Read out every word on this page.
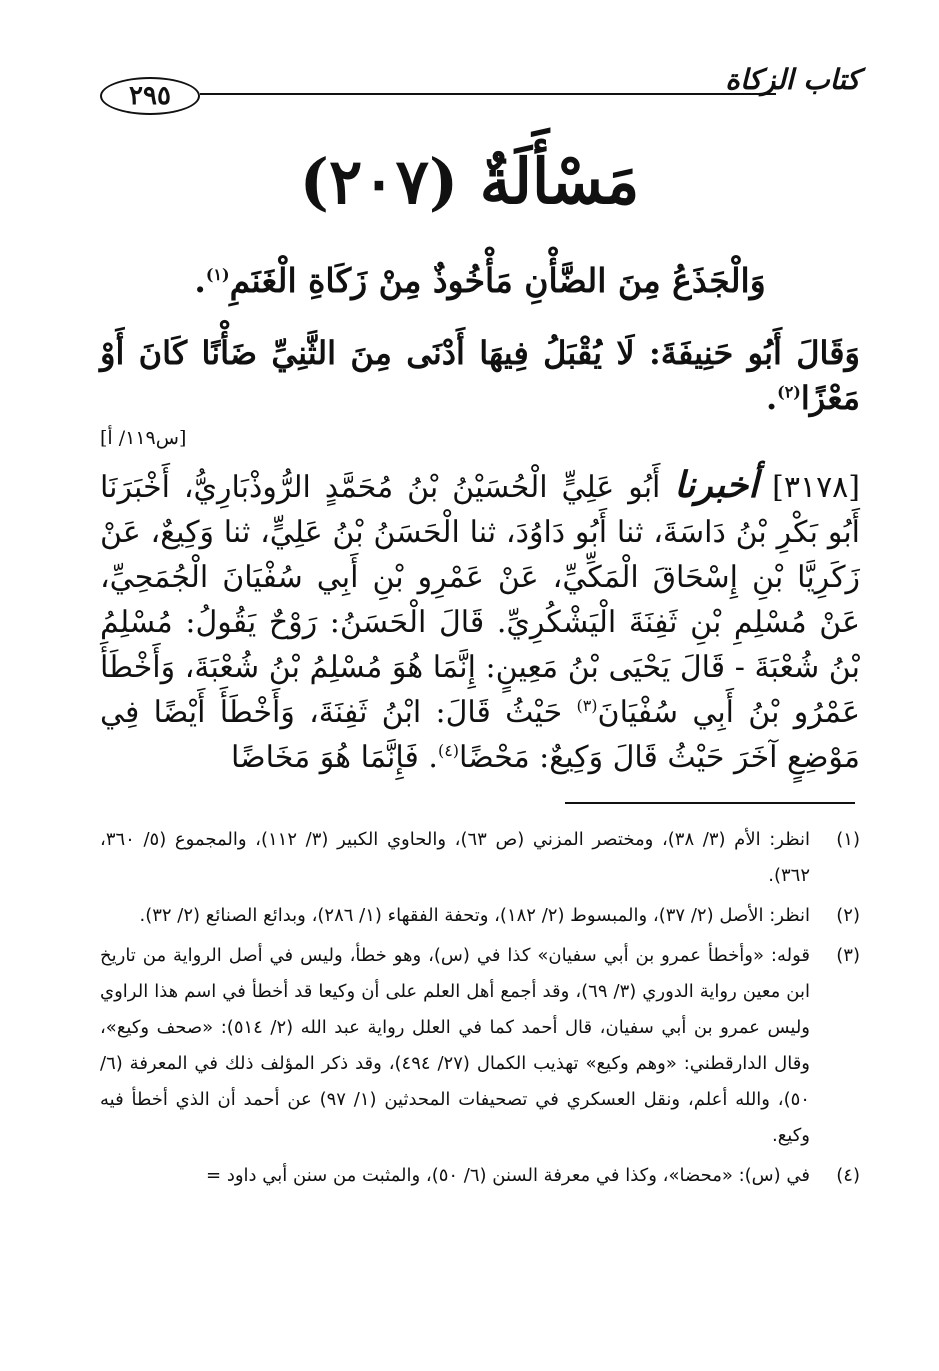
٢٩٥	كتاب الزكاة
مَسْأَلَةٌ (٢٠٧)

وَالْجَذَعُ مِنَ الضَّأْنِ مَأْخُوذٌ مِنْ زَكَاةِ الْغَنَمِ$^{(١)}$.

وَقَالَ أَبُو حَنِيفَةَ: لَا يُقْبَلُ فِيهَا أَدْنَى مِنَ الثَّنِيِّ ضَأْنًا كَانَ أَوْ مَعْزًا$^{(٢)}$.

[س١١٩/ أ]

[٣١٧٨] أخبرنا أَبُو عَلِيٍّ الْحُسَيْنُ بْنُ مُحَمَّدٍ الرُّوذْبَارِيُّ، أَخْبَرَنَا أَبُو بَكْرِ بْنُ دَاسَةَ، ثنا أَبُو دَاوُدَ، ثنا الْحَسَنُ بْنُ عَلِيٍّ، ثنا وَكِيعٌ، عَنْ زَكَرِيَّا بْنِ إِسْحَاقَ الْمَكِّيِّ، عَنْ عَمْرِو بْنِ أَبِي سُفْيَانَ الْجُمَحِيِّ، عَنْ مُسْلِمِ بْنِ ثَفِنَةَ الْيَشْكُرِيِّ. قَالَ الْحَسَنُ: رَوْحٌ يَقُولُ: مُسْلِمُ بْنُ شُعْبَةَ - قَالَ يَحْيَى بْنُ مَعِينٍ: إِنَّمَا هُوَ مُسْلِمُ بْنُ شُعْبَةَ، وَأَخْطَأَ عَمْرُو بْنُ أَبِي سُفْيَانَ$^{(٣)}$ حَيْثُ قَالَ: ابْنُ ثَفِنَةَ، وَأَخْطَأَ أَيْضًا فِي مَوْضِعٍ آخَرَ حَيْثُ قَالَ وَكِيعٌ: مَحْضًا$^{(٤)}$. فَإِنَّمَا هُوَ مَخَاضًا

(١)
انظر: الأم (٣/ ٣٨)، ومختصر المزني (ص ٦٣)، والحاوي الكبير (٣/ ١١٢)، والمجموع (٥/ ٣٦٠، ٣٦٢).
(٢)
انظر: الأصل (٢/ ٣٧)، والمبسوط (٢/ ١٨٢)، وتحفة الفقهاء (١/ ٢٨٦)، وبدائع الصنائع (٢/ ٣٢).
(٣)
قوله: «وأخطأ عمرو بن أبي سفيان» كذا في (س)، وهو خطأ، وليس في أصل الرواية من تاريخ ابن معين رواية الدوري (٣/ ٦٩)، وقد أجمع أهل العلم على أن وكيعا قد أخطأ في اسم هذا الراوي وليس عمرو بن أبي سفيان، قال أحمد كما في العلل رواية عبد الله (٢/ ٥١٤): «صحف وكيع»، وقال الدارقطني: «وهم وكيع» تهذيب الكمال (٢٧/ ٤٩٤)، وقد ذكر المؤلف ذلك في المعرفة (٦/ ٥٠)، والله أعلم، ونقل العسكري في تصحيفات المحدثين (١/ ٩٧) عن أحمد أن الذي أخطأ فيه وكيع.
(٤)
في (س): «محضا»، وكذا في معرفة السنن (٦/ ٥٠)، والمثبت من سنن أبي داود =
